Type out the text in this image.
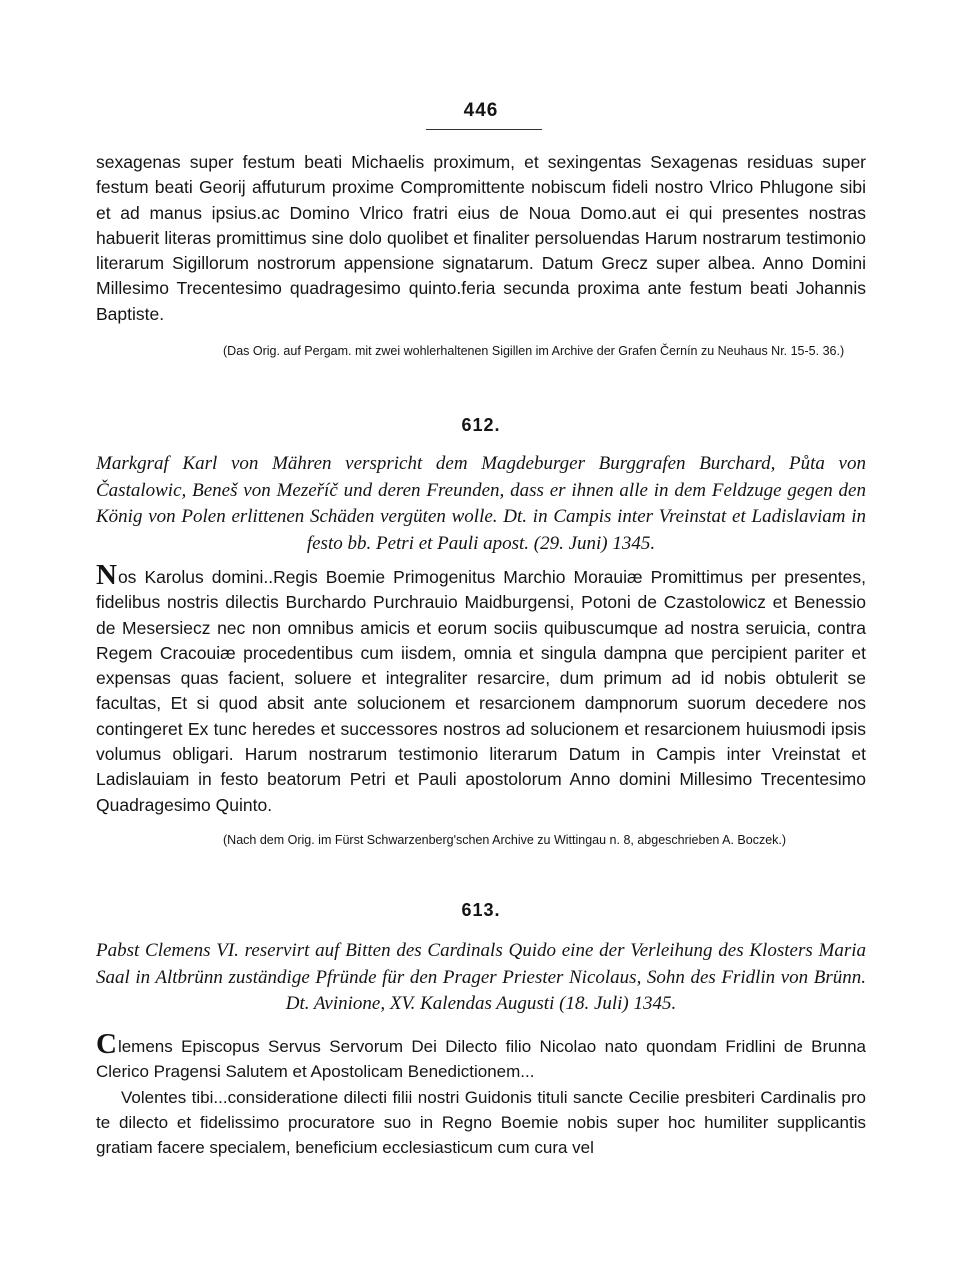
446

sexagenas super festum beati Michaelis proximum, et sexingentas Sexagenas residuas super festum beati Georij affuturum proxime Compromittente nobiscum fideli nostro Vlrico Phlugone sibi et ad manus ipsius.ac Domino Vlrico fratri eius de Noua Domo.aut ei qui presentes nostras habuerit literas promittimus sine dolo quolibet et finaliter persoluendas Harum nostrarum testimonio literarum Sigillorum nostrorum appensione signatarum. Datum Grecz super albea. Anno Domini Millesimo Trecentesimo quadragesimo quinto.feria secunda proxima ante festum beati Johannis Baptiste.

(Das Orig. auf Pergam. mit zwei wohlerhaltenen Sigillen im Archive der Grafen Černín zu Neuhaus Nr. 15-5. 36.)

612.

Markgraf Karl von Mähren verspricht dem Magdeburger Burggrafen Burchard, Půta von Častalowic, Beneš von Mezeříč und deren Freunden, dass er ihnen alle in dem Feldzuge gegen den König von Polen erlittenen Schäden vergüten wolle. Dt. in Campis inter Vreinstat et Ladislaviam in festo bb. Petri et Pauli apost. (29. Juni) 1345.

Nos Karolus domini..Regis Boemie Primogenitus Marchio Morauiæ Promittimus per presentes, fidelibus nostris dilectis Burchardo Purchrauio Maidburgensi, Potoni de Czastolowicz et Benessio de Mesersiecz nec non omnibus amicis et eorum sociis quibuscumque ad nostra seruicia, contra Regem Cracouiæ procedentibus cum iisdem, omnia et singula dampna que percipient pariter et expensas quas facient, soluere et integraliter resarcire, dum primum ad id nobis obtulerit se facultas, Et si quod absit ante solucionem et resarcionem dampnorum suorum decedere nos contingeret Ex tunc heredes et successores nostros ad solucionem et resarcionem huiusmodi ipsis volumus obligari. Harum nostrarum testimonio literarum Datum in Campis inter Vreinstat et Ladislauiam in festo beatorum Petri et Pauli apostolorum Anno domini Millesimo Trecentesimo Quadragesimo Quinto.

(Nach dem Orig. im Fürst Schwarzenberg'schen Archive zu Wittingau n. 8, abgeschrieben A. Boczek.)

613.

Pabst Clemens VI. reservirt auf Bitten des Cardinals Quido eine der Verleihung des Klosters Maria Saal in Altbrünn zuständige Pfründe für den Prager Priester Nicolaus, Sohn des Fridlin von Brünn. Dt. Avinione, XV. Kalendas Augusti (18. Juli) 1345.

Clemens Episcopus Servus Servorum Dei Dilecto filio Nicolao nato quondam Fridlini de Brunna Clerico Pragensi Salutem et Apostolicam Benedictionem...
Volentes tibi...consideratione dilecti filii nostri Guidonis tituli sancte Cecilie presbiteri Cardinalis pro te dilecto et fidelissimo procuratore suo in Regno Boemie nobis super hoc humiliter supplicantis gratiam facere specialem, beneficium ecclesiasticum cum cura vel
